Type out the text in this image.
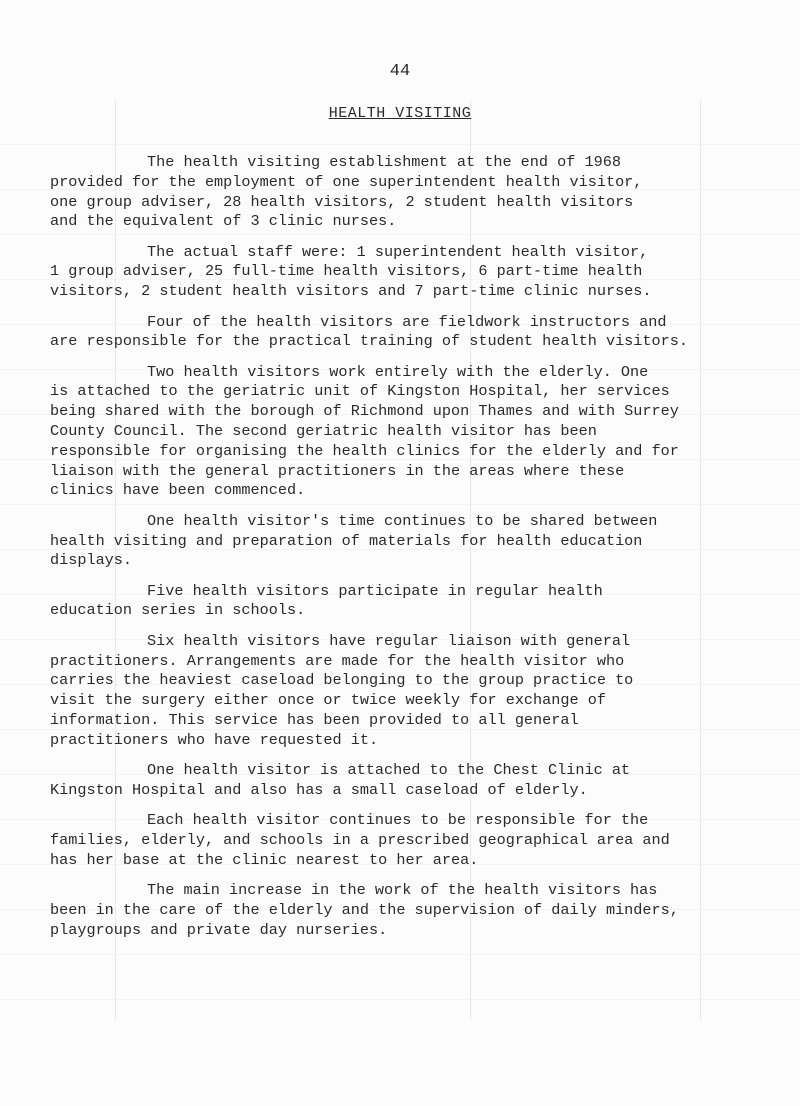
44
HEALTH VISITING

The health visiting establishment at the end of 1968
provided for the employment of one superintendent health visitor,
one group adviser, 28 health visitors, 2 student health visitors
and the equivalent of 3 clinic nurses.

The actual staff were: 1 superintendent health visitor,
1 group adviser, 25 full-time health visitors, 6 part-time health
visitors, 2 student health visitors and 7 part-time clinic nurses.

Four of the health visitors are fieldwork instructors and
are responsible for the practical training of student health visitors.

Two health visitors work entirely with the elderly. One
is attached to the geriatric unit of Kingston Hospital, her services
being shared with the borough of Richmond upon Thames and with Surrey
County Council. The second geriatric health visitor has been
responsible for organising the health clinics for the elderly and for
liaison with the general practitioners in the areas where these
clinics have been commenced.

One health visitor's time continues to be shared between
health visiting and preparation of materials for health education
displays.

Five health visitors participate in regular health
education series in schools.

Six health visitors have regular liaison with general
practitioners. Arrangements are made for the health visitor who
carries the heaviest caseload belonging to the group practice to
visit the surgery either once or twice weekly for exchange of
information. This service has been provided to all general
practitioners who have requested it.

One health visitor is attached to the Chest Clinic at
Kingston Hospital and also has a small caseload of elderly.

Each health visitor continues to be responsible for the
families, elderly, and schools in a prescribed geographical area and
has her base at the clinic nearest to her area.

The main increase in the work of the health visitors has
been in the care of the elderly and the supervision of daily minders,
playgroups and private day nurseries.
